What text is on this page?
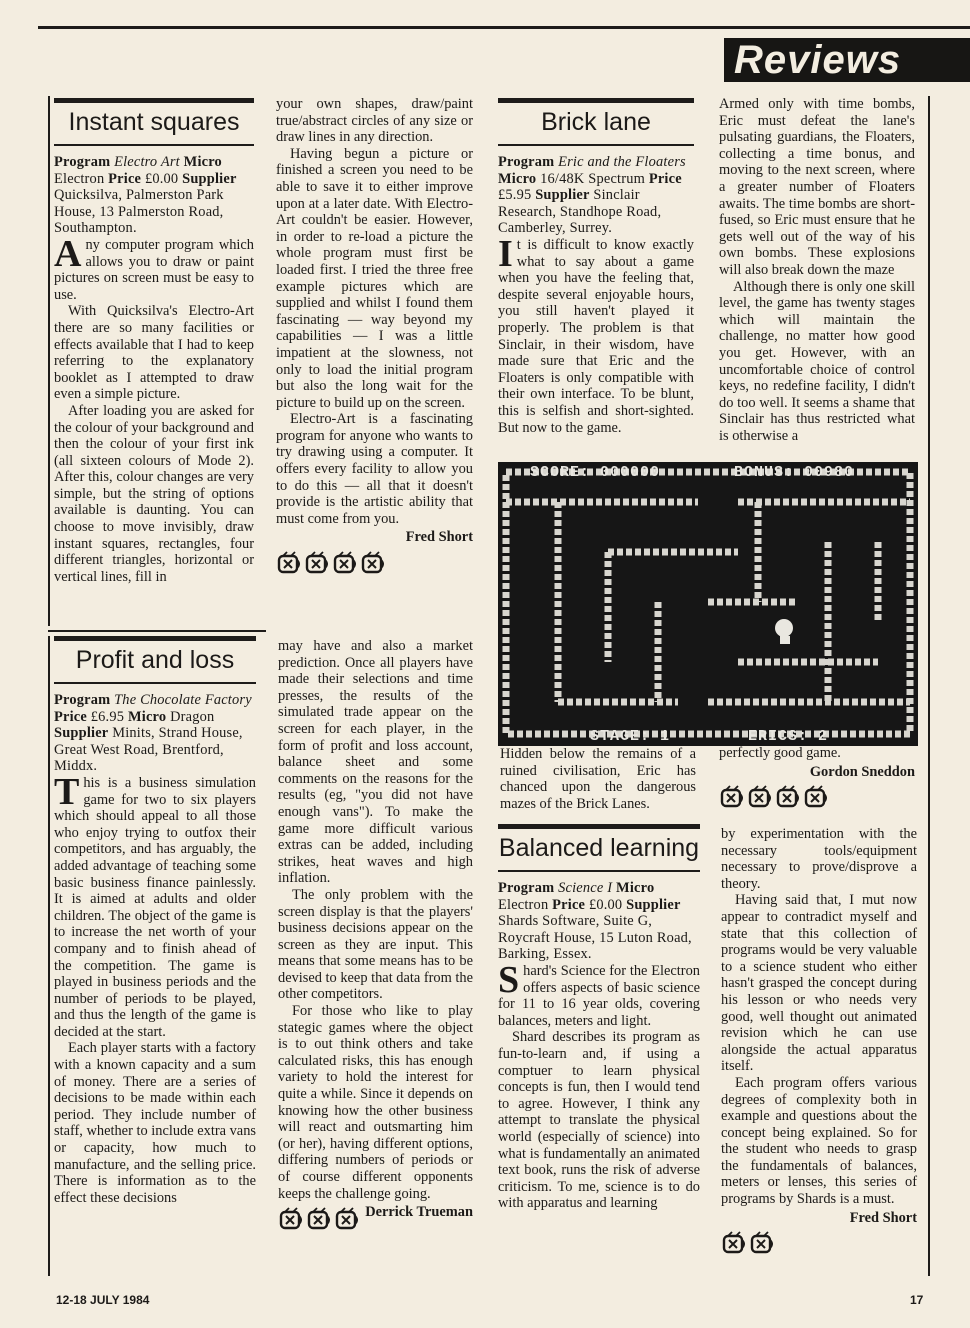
Reviews
Instant squares

Program Electro Art Micro Electron Price £0.00 Supplier Quicksilva, Palmerston Park House, 13 Palmerston Road, Southampton.

Any computer program which allows you to draw or paint pictures on screen must be easy to use.

With Quicksilva's Electro-Art there are so many facilities or effects available that I had to keep referring to the explanatory booklet as I attempted to draw even a simple picture.

After loading you are asked for the colour of your background and then the colour of your first ink (all sixteen colours of Mode 2). After this, colour changes are very simple, but the string of options available is daunting. You can choose to move invisibly, draw instant squares, rectangles, four different triangles, horizontal or vertical lines, fill in

your own shapes, draw/paint true/abstract circles of any size or draw lines in any direction.

Having begun a picture or finished a screen you need to be able to save it to either improve upon at a later date. With Electro-Art couldn't be easier. However, in order to re-load a picture the whole program must first be loaded first. I tried the three free example pictures which are supplied and whilst I found them fascinating — way beyond my capabilities — I was a little impatient at the slowness, not only to load the initial program but also the long wait for the picture to build up on the screen.

Electro-Art is a fascinating program for anyone who wants to try drawing using a computer. It offers every facility to allow you to do this — all that it doesn't provide is the artistic ability that must come from you.

Fred Short
Profit and loss

Program The Chocolate Factory Price £6.95 Micro Dragon Supplier Minits, Strand House, Great West Road, Brentford, Middx.

This is a business simulation game for two to six players which should appeal to all those who enjoy trying to outfox their competitors, and has arguably, the added advantage of teaching some basic business finance painlessly. It is aimed at adults and older children. The object of the game is to increase the net worth of your company and to finish ahead of the competition. The game is played in business periods and the number of periods to be played, and thus the length of the game is decided at the start.

Each player starts with a factory with a known capacity and a sum of money. There are a series of decisions to be made within each period. They include number of staff, whether to include extra vans or capacity, how much to manufacture, and the selling price. There is information as to the effect these decisions

may have and also a market prediction. Once all players have made their selections and time presses, the results of the simulated trade appear on the screen for each player, in the form of profit and loss account, balance sheet and some comments on the reasons for the results (eg, "you did not have enough vans"). To make the game more difficult various extras can be added, including strikes, heat waves and high inflation.

The only problem with the screen display is that the players' business decisions appear on the screen as they are input. This means that some means has to be devised to keep that data from the other competitors.

For those who like to play stategic games where the object is to out think others and take calculated risks, this has enough variety to hold the interest for quite a while. Since it depends on knowing how the other business will react and outsmarting him (or her), having different options, differing numbers of periods or of course different opponents keeps the challenge going.

Derrick Trueman
Brick lane

Program Eric and the Floaters Micro 16/48K Spectrum Price £5.95 Supplier Sinclair Research, Standhope Road, Camberley, Surrey.

It is difficult to know exactly what to say about a game when you have the feeling that, despite several enjoyable hours, you still haven't played it properly. The problem is that Sinclair, in their wisdom, have made sure that Eric and the Floaters is only compatible with their own interface. To be blunt, this is selfish and short-sighted. But now to the game.

Armed only with time bombs, Eric must defeat the lane's pulsating guardians, the Floaters, collecting a time bonus, and moving to the next screen, where a greater number of Floaters awaits. The time bombs are short-fused, so Eric must ensure that he gets well out of the way of his own bombs. These explosions will also break down the maze

Although there is only one skill level, the game has twenty stages which will maintain the challenge, no matter how good you get. However, with an uncomfortable choice of control keys, no redefine facility, I didn't do too well. It seems a shame that Sinclair has thus restricted what is otherwise a

SCORE: 000000	BONUS: 00980
STAGE: 1	ERICS: 2
Hidden below the remains of a ruined civilisation, Eric has chanced upon the dangerous mazes of the Brick Lanes.

perfectly good game.

Gordon Sneddon
Balanced learning

Program Science I Micro Electron Price £0.00 Supplier Shards Software, Suite G, Roycraft House, 15 Luton Road, Barking, Essex.

Shard's Science for the Electron offers aspects of basic science for 11 to 16 year olds, covering balances, meters and light.

Shard describes its program as fun-to-learn and, if using a comptuer to learn physical concepts is fun, then I would tend to agree. However, I think any attempt to translate the physical world (especially of science) into what is fundamentally an animated text book, runs the risk of adverse criticism. To me, science is to do with apparatus and learning

by experimentation with the necessary tools/equipment necessary to prove/disprove a theory.

Having said that, I mut now appear to contradict myself and state that this collection of programs would be very valuable to a science student who either hasn't grasped the concept during his lesson or who needs very good, well thought out animated revision which he can use alongside the actual apparatus itself.

Each program offers various degrees of complexity both in example and questions about the concept being explained. So for the student who needs to grasp the fundamentals of balances, meters or lenses, this series of programs by Shards is a must.

Fred Short
12-18 JULY 1984	17
